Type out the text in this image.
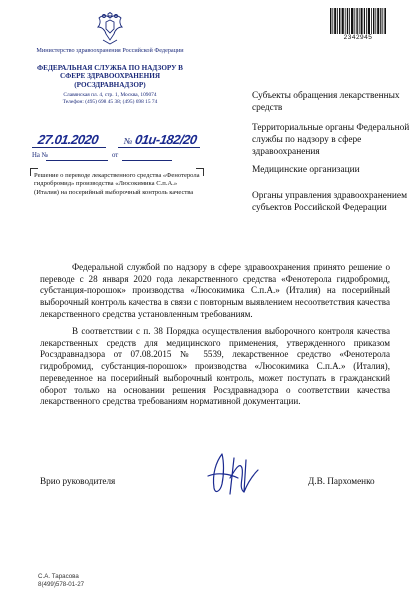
Министерство здравоохранения Российской Федерации
ФЕДЕРАЛЬНАЯ СЛУЖБА ПО НАДЗОРУ В СФЕРЕ ЗДРАВООХРАНЕНИЯ (РОСЗДРАВНАДЗОР)
Славянская пл. 4, стр. 1, Москва, 109074
Телефон: (495) 698 45 38; (495) 698 15 74
27.01.2020	№01и-182/20
На №	от
Решение о переводе лекарственного средства «Фенотерола гидробромид» производства «Люсокимика С.п.А.» (Италия) на посерийный выборочный контроль качества
2342945
Субъекты обращения лекарственных средств
Территориальные органы Федеральной службы по надзору в сфере здравоохранения
Медицинские организации
Органы управления здравоохранением субъектов Российской Федерации
Федеральной службой по надзору в сфере здравоохранения принято решение о переводе с 28 января 2020 года лекарственного средства «Фенотерола гидробромид, субстанция-порошок» производства «Люсокимика С.п.А.» (Италия) на посерийный выборочный контроль качества в связи с повторным выявлением несоответствия качества лекарственного средства установленным требованиям.
В соответствии с п. 38 Порядка осуществления выборочного контроля качества лекарственных средств для медицинского применения, утвержденного приказом Росздравнадзора от 07.08.2015 № 5539, лекарственное средство «Фенотерола гидробромид, субстанция-порошок» производства «Люсокимика С.п.А.» (Италия), переведенное на посерийный выборочный контроль, может поступать в гражданский оборот только на основании решения Росздравнадзора о соответствии качества лекарственного средства требованиям нормативной документации.
Врио руководителя	Д.В. Пархоменко
С.А. Тарасова
8(499)578-01-27
